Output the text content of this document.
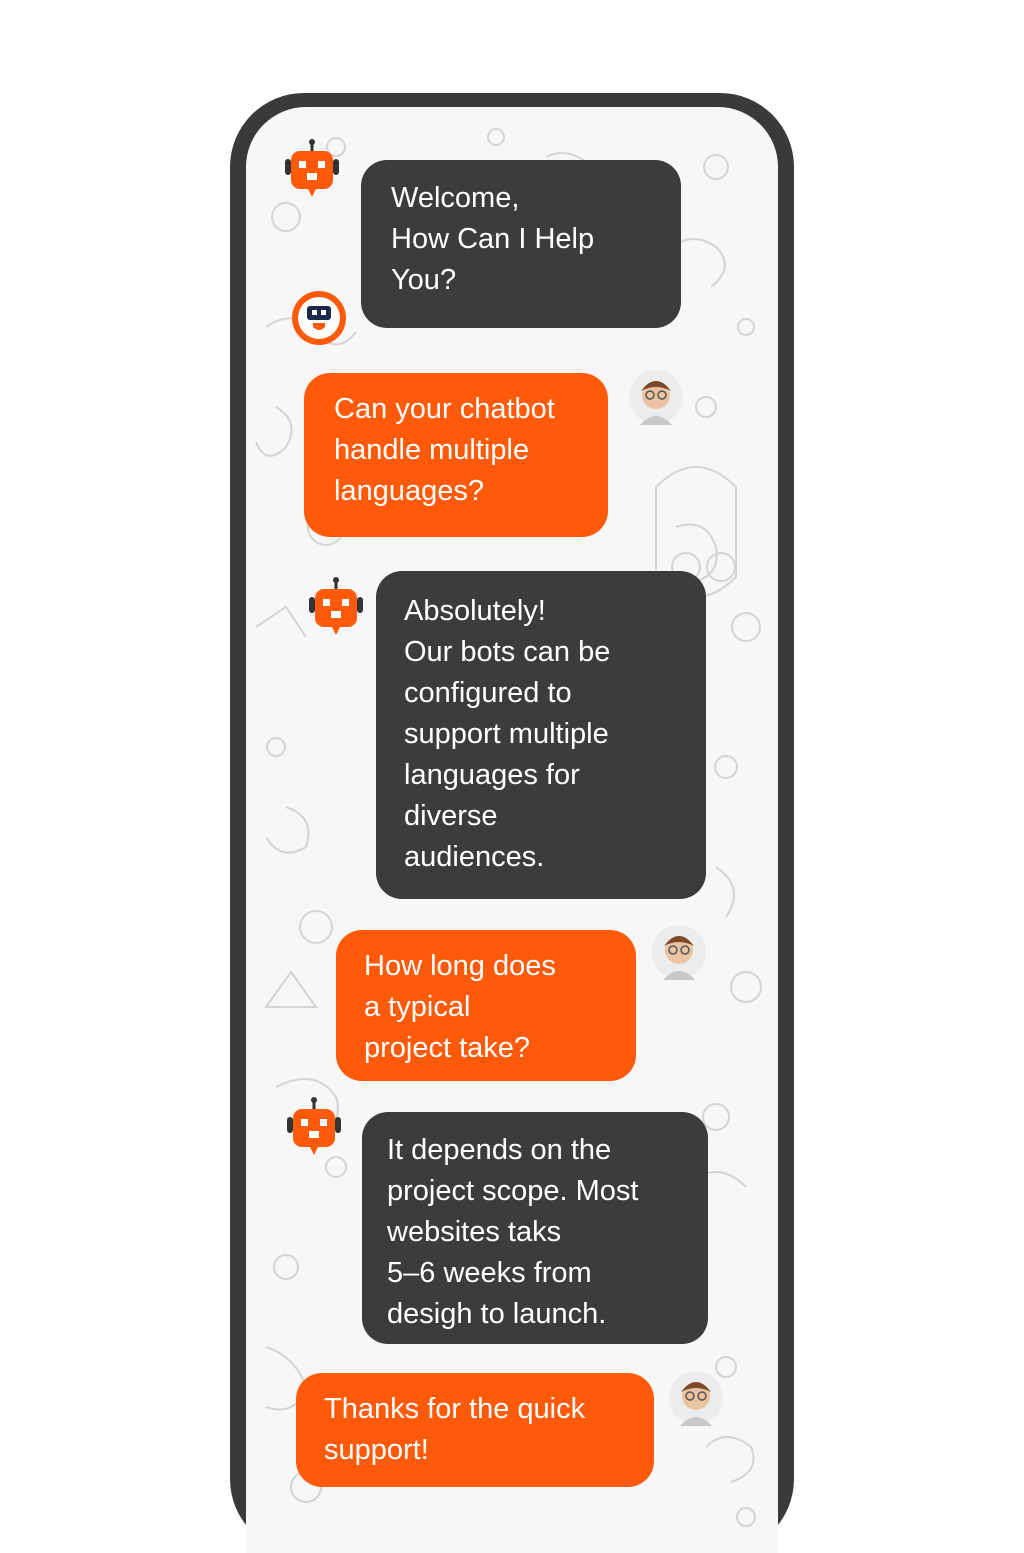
Welcome,
How Can I Help
You?
Can your chatbot
handle multiple
languages?
Absolutely!
Our bots can be
configured to
support multiple
languages for
diverse
audiences.
How long does
a typical
project take?
It depends on the
project scope. Most
websites taks
5–6 weeks from
desigh to launch.
Thanks for the quick
support!
